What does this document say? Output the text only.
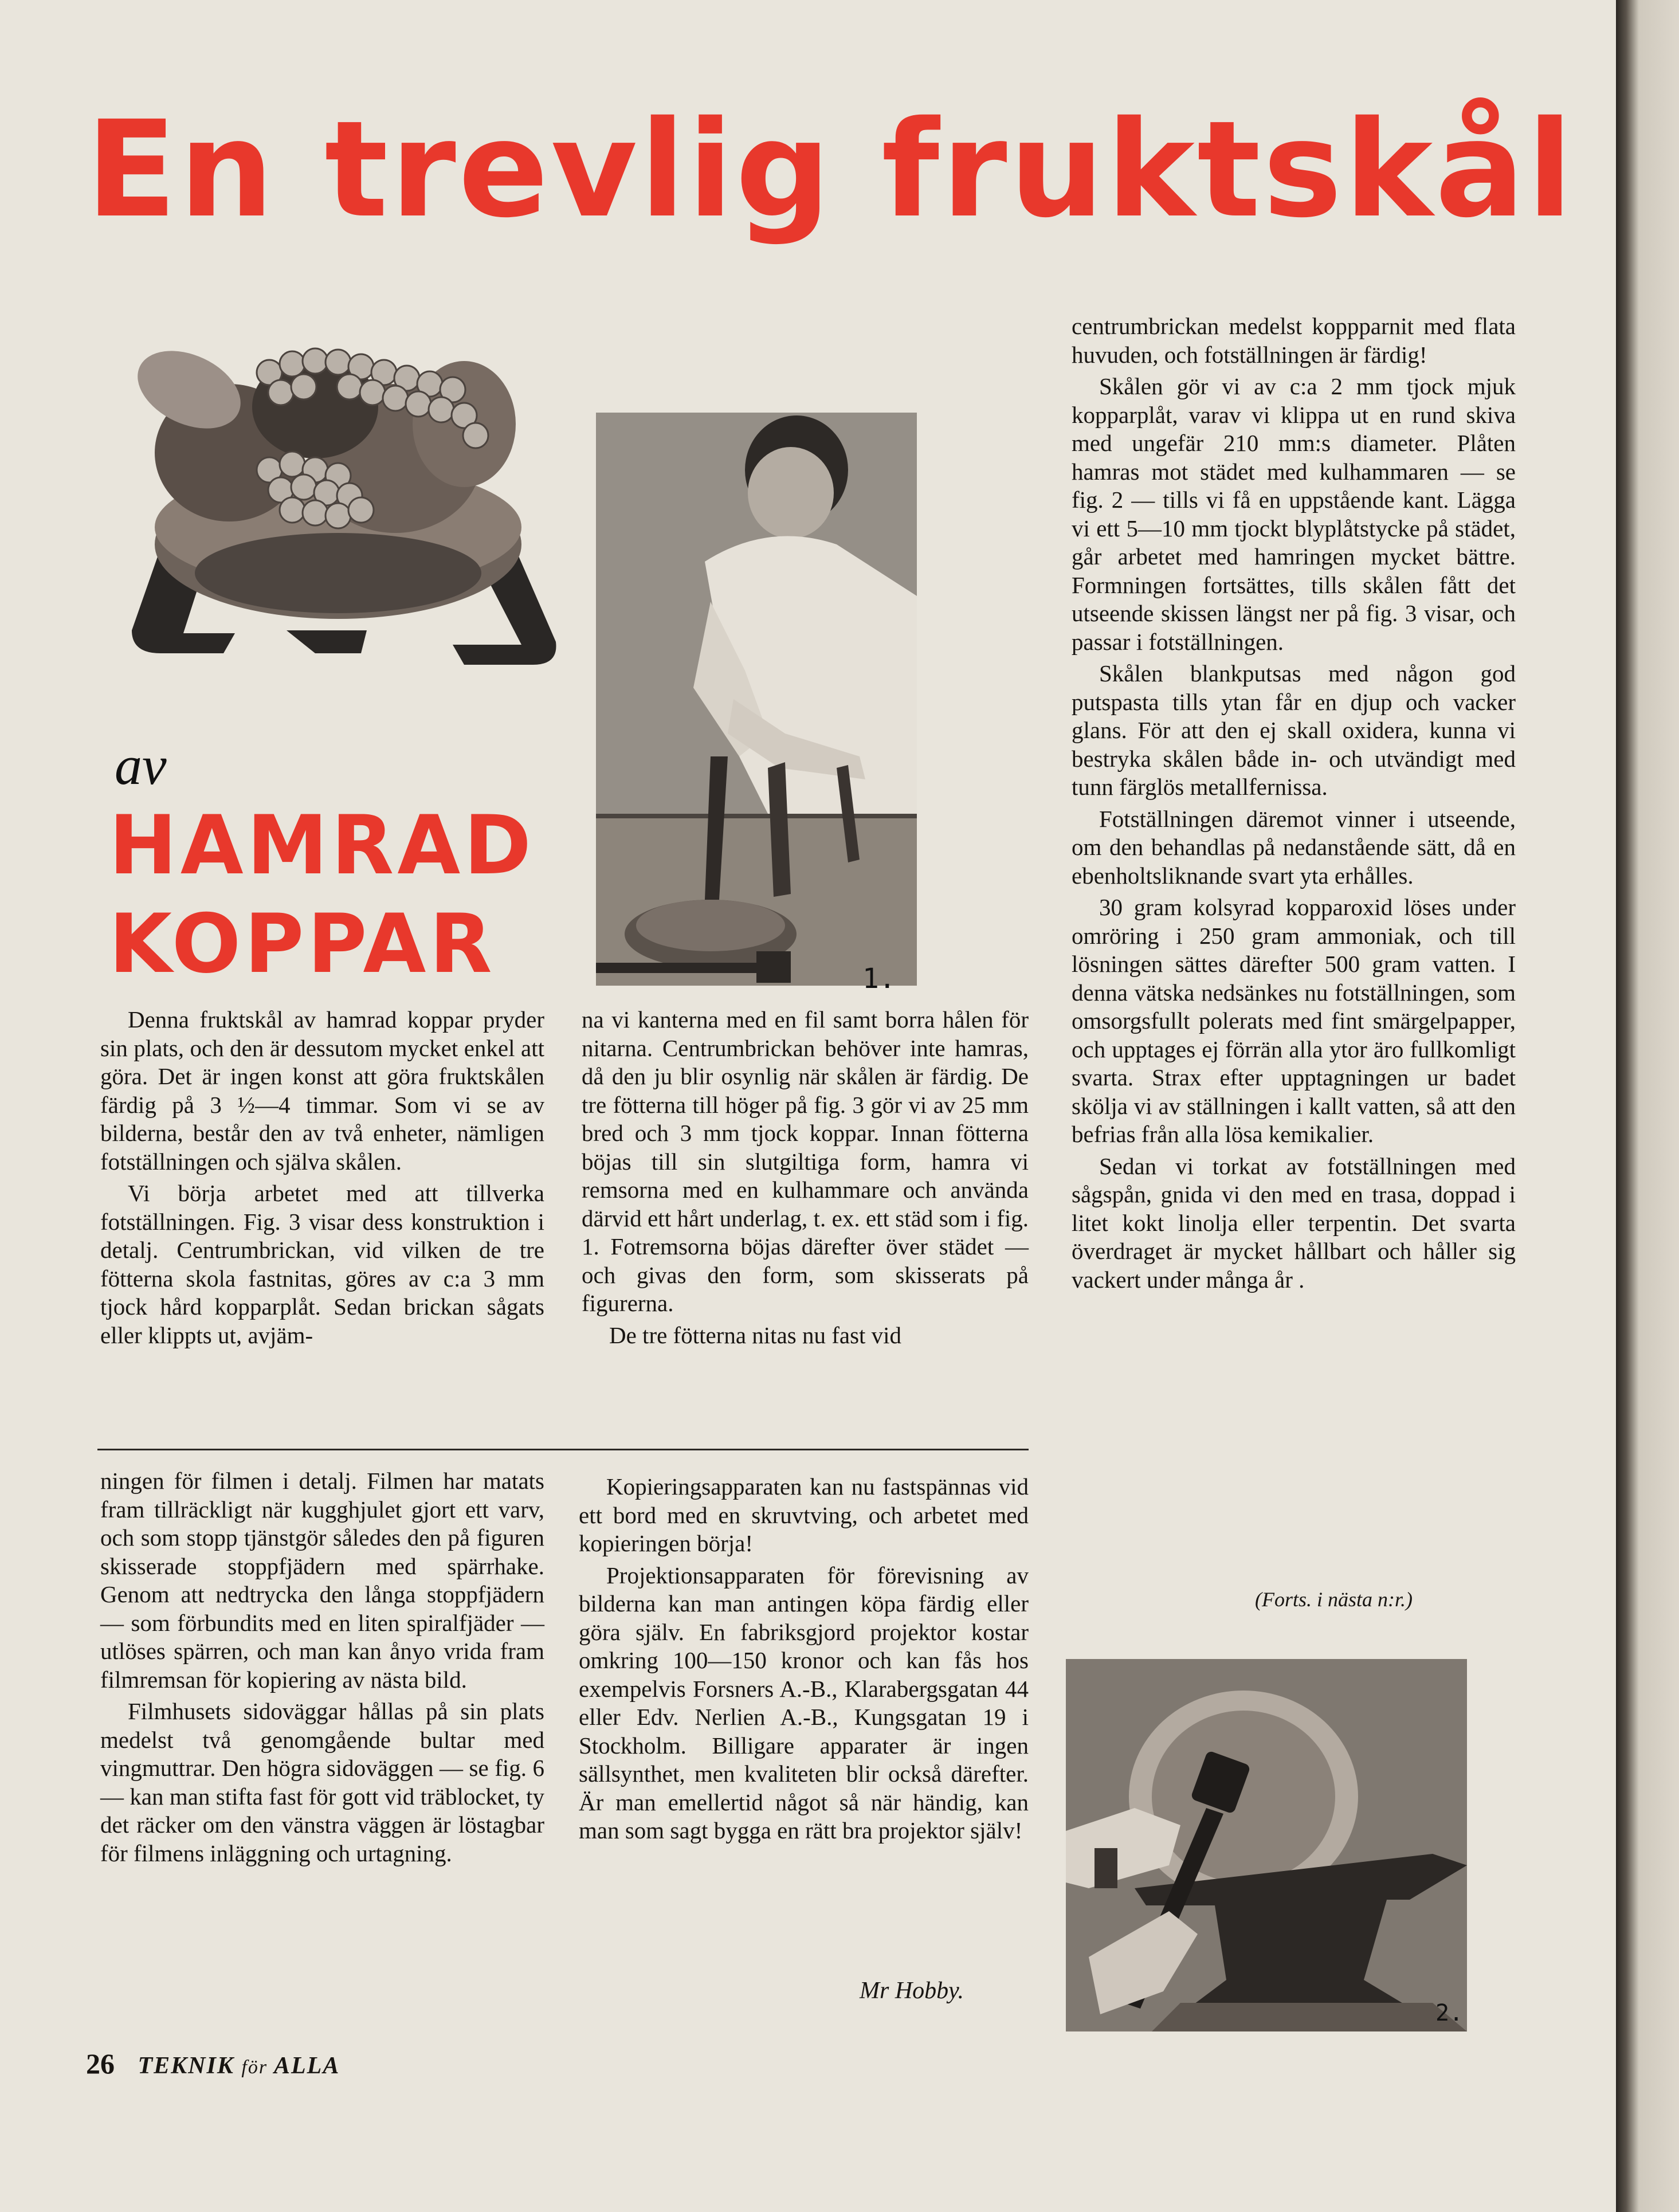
En trevlig fruktskål
1.
av
HAMRAD
KOPPAR

Denna fruktskål av hamrad koppar pryder sin plats, och den är dessutom mycket enkel att göra. Det är ingen konst att göra fruktskålen färdig på 3 ½—4 timmar. Som vi se av bilderna, består den av två enheter, nämligen fotställningen och själva skålen.

Vi börja arbetet med att tillverka fotställningen. Fig. 3 visar dess konstruktion i detalj. Centrumbrickan, vid vilken de tre fötterna skola fastnitas, göres av c:a 3 mm tjock hård kopparplåt. Sedan brickan sågats eller klippts ut, avjäm-

na vi kanterna med en fil samt borra hålen för nitarna. Centrumbrickan behöver inte hamras, då den ju blir osynlig när skålen är färdig. De tre fötterna till höger på fig. 3 gör vi av 25 mm bred och 3 mm tjock koppar. Innan fötterna böjas till sin slutgiltiga form, hamra vi remsorna med en kulhammare och använda därvid ett hårt underlag, t. ex. ett städ som i fig. 1. Fotremsorna böjas därefter över städet — och givas den form, som skisserats på figurerna.

De tre fötterna nitas nu fast vid

centrumbrickan medelst koppparnit med flata huvuden, och fotställningen är färdig!

Skålen gör vi av c:a 2 mm tjock mjuk kopparplåt, varav vi klippa ut en rund skiva med ungefär 210 mm:s diameter. Plåten hamras mot städet med kulhammaren — se fig. 2 — tills vi få en uppstående kant. Lägga vi ett 5—10 mm tjockt blyplåtstycke på städet, går arbetet med hamringen mycket bättre. Formningen fortsättes, tills skålen fått det utseende skissen längst ner på fig. 3 visar, och passar i fotställningen.

Skålen blankputsas med någon god putspasta tills ytan får en djup och vacker glans. För att den ej skall oxidera, kunna vi bestryka skålen både in- och utvändigt med tunn färglös metallfernissa.

Fotställningen däremot vinner i utseende, om den behandlas på nedanstående sätt, då en ebenholtsliknande svart yta erhålles.

30 gram kolsyrad kopparoxid löses under omröring i 250 gram ammoniak, och till lösningen sättes därefter 500 gram vatten. I denna vätska nedsänkes nu fotställningen, som omsorgsfullt polerats med fint smärgelpapper, och upptages ej förrän alla ytor äro fullkomligt svarta. Strax efter upptagningen ur badet skölja vi av ställningen i kallt vatten, så att den befrias från alla lösa kemikalier.

Sedan vi torkat av fotställningen med sågspån, gnida vi den med en trasa, doppad i litet kokt linolja eller terpentin. Det svarta överdraget är mycket hållbart och håller sig vackert under många år .

(Forts. i nästa n:r.)
2.

ningen för filmen i detalj. Filmen har matats fram tillräckligt när kugghjulet gjort ett varv, och som stopp tjänstgör således den på figuren skisserade stoppfjädern med spärrhake. Genom att nedtrycka den långa stoppfjädern — som förbundits med en liten spiralfjäder — utlöses spärren, och man kan ånyo vrida fram filmremsan för kopiering av nästa bild.

Filmhusets sidoväggar hållas på sin plats medelst två genomgående bultar med vingmuttrar. Den högra sidoväggen — se fig. 6 — kan man stifta fast för gott vid träblocket, ty det räcker om den vänstra väggen är löstagbar för filmens inläggning och urtagning.

Kopieringsapparaten kan nu fastspännas vid ett bord med en skruvtving, och arbetet med kopieringen börja!

Projektionsapparaten för förevisning av bilderna kan man antingen köpa färdig eller göra själv. En fabriksgjord projektor kostar omkring 100—150 kronor och kan fås hos exempelvis Forsners A.-B., Klarabergsgatan 44 eller Edv. Nerlien A.-B., Kungsgatan 19 i Stockholm. Billigare apparater är ingen sällsynthet, men kvaliteten blir också därefter. Är man emellertid något så när händig, kan man som sagt bygga en rätt bra projektor själv!

Mr Hobby.
26 TEKNIK för ALLA
